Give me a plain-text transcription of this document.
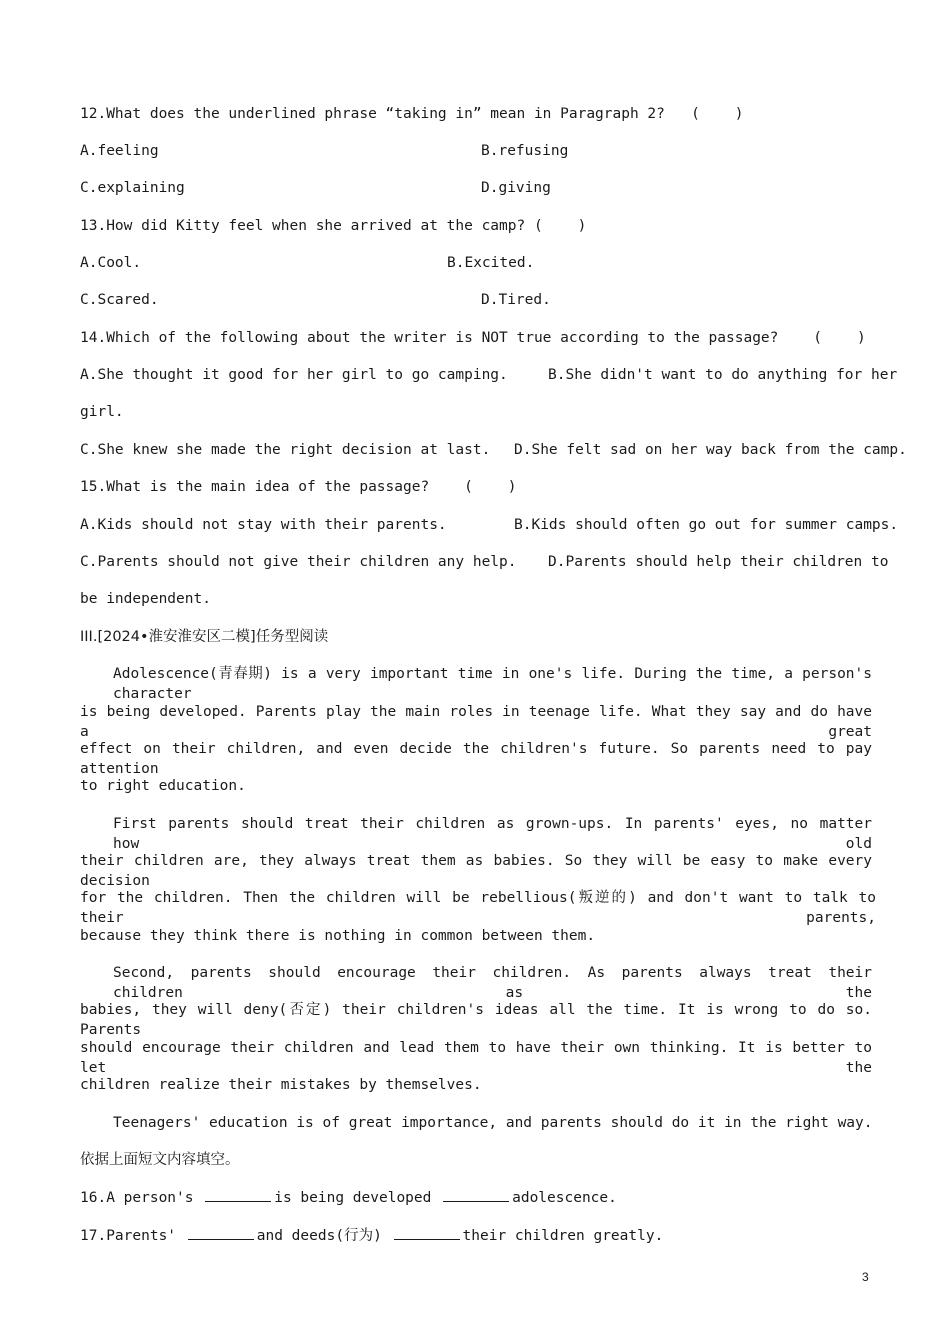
12.What does the underlined phrase “taking in” mean in Paragraph 2?   (    )
A.feeling	B.refusing
C.explaining	D.giving
13.How did Kitty feel when she arrived at the camp? (    )
A.Cool.	B.Excited.
C.Scared.	D.Tired.
14.Which of the following about the writer is NOT true according to the passage?    (    )
A.She thought it good for her girl to go camping.	B.She didn't want to do anything for her
girl.
C.She knew she made the right decision at last. D.She felt sad on her way back from the camp.
15.What is the main idea of the passage?    (    )
A.Kids should not stay with their parents.	B.Kids should often go out for summer camps.
C.Parents should not give their children any help. D.Parents should help their children to
be independent.
III.[2024•淮安淮安区二模]任务型阅读
Adolescence(青春期) is a very important time in one's life. During the time, a person's character
is being developed. Parents play the main roles in teenage life. What they say and do have a great
effect on their children, and even decide the children's future. So parents need to pay attention
to right education.
First parents should treat their children as grown-ups. In parents' eyes, no matter how old
their children are, they always treat them as babies. So they will be easy to make every decision
for the children. Then the children will be rebellious(叛逆的) and don't want to talk to their parents,
because they think there is nothing in common between them.
Second, parents should encourage their children. As parents always treat their children as the
babies, they will deny(否定) their children's ideas all the time. It is wrong to do so. Parents
should encourage their children and lead them to have their own thinking. It is better to let the
children realize their mistakes by themselves.
Teenagers' education is of great importance, and parents should do it in the right way.
依据上面短文内容填空。
16.A person's	is being developed	adolescence.
17.Parents'	and deeds(行为)	their children greatly.
3
